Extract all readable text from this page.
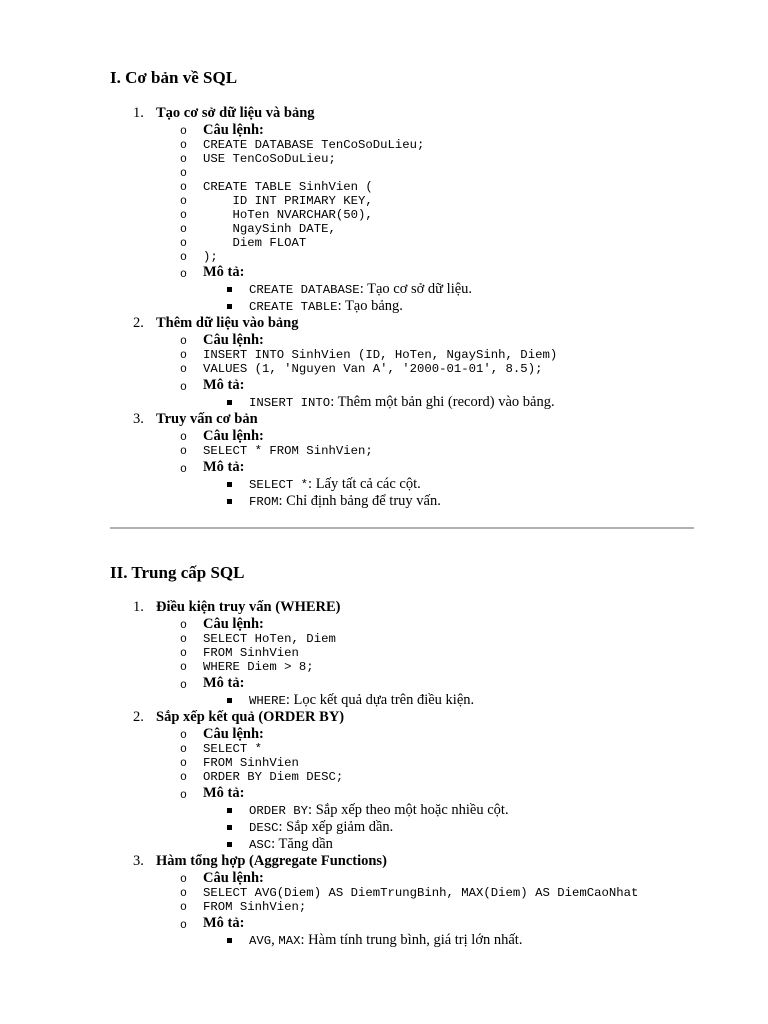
I. Cơ bản về SQL
1. Tạo cơ sở dữ liệu và bảng
o Câu lệnh:
o CREATE DATABASE TenCoSoDuLieu;
o USE TenCoSoDuLieu;
o
o CREATE TABLE SinhVien (
o ID INT PRIMARY KEY,
o HoTen NVARCHAR(50),
o NgaySinh DATE,
o Diem FLOAT
o );
o Mô tả:
CREATE DATABASE: Tạo cơ sở dữ liệu.
CREATE TABLE: Tạo bảng.
2. Thêm dữ liệu vào bảng
o Câu lệnh:
o INSERT INTO SinhVien (ID, HoTen, NgaySinh, Diem)
o VALUES (1, 'Nguyen Van A', '2000-01-01', 8.5);
o Mô tả:
INSERT INTO: Thêm một bản ghi (record) vào bảng.
3. Truy vấn cơ bản
o Câu lệnh:
o SELECT * FROM SinhVien;
o Mô tả:
SELECT *: Lấy tất cả các cột.
FROM: Chỉ định bảng để truy vấn.
II. Trung cấp SQL
1. Điều kiện truy vấn (WHERE)
o Câu lệnh:
o SELECT HoTen, Diem
o FROM SinhVien
o WHERE Diem > 8;
o Mô tả:
WHERE: Lọc kết quả dựa trên điều kiện.
2. Sắp xếp kết quả (ORDER BY)
o Câu lệnh:
o SELECT *
o FROM SinhVien
o ORDER BY Diem DESC;
o Mô tả:
ORDER BY: Sắp xếp theo một hoặc nhiều cột.
DESC: Sắp xếp giảm dần.
ASC: Tăng dần
3. Hàm tổng hợp (Aggregate Functions)
o Câu lệnh:
o SELECT AVG(Diem) AS DiemTrungBinh, MAX(Diem) AS DiemCaoNhat
o FROM SinhVien;
o Mô tả:
AVG, MAX: Hàm tính trung bình, giá trị lớn nhất.
